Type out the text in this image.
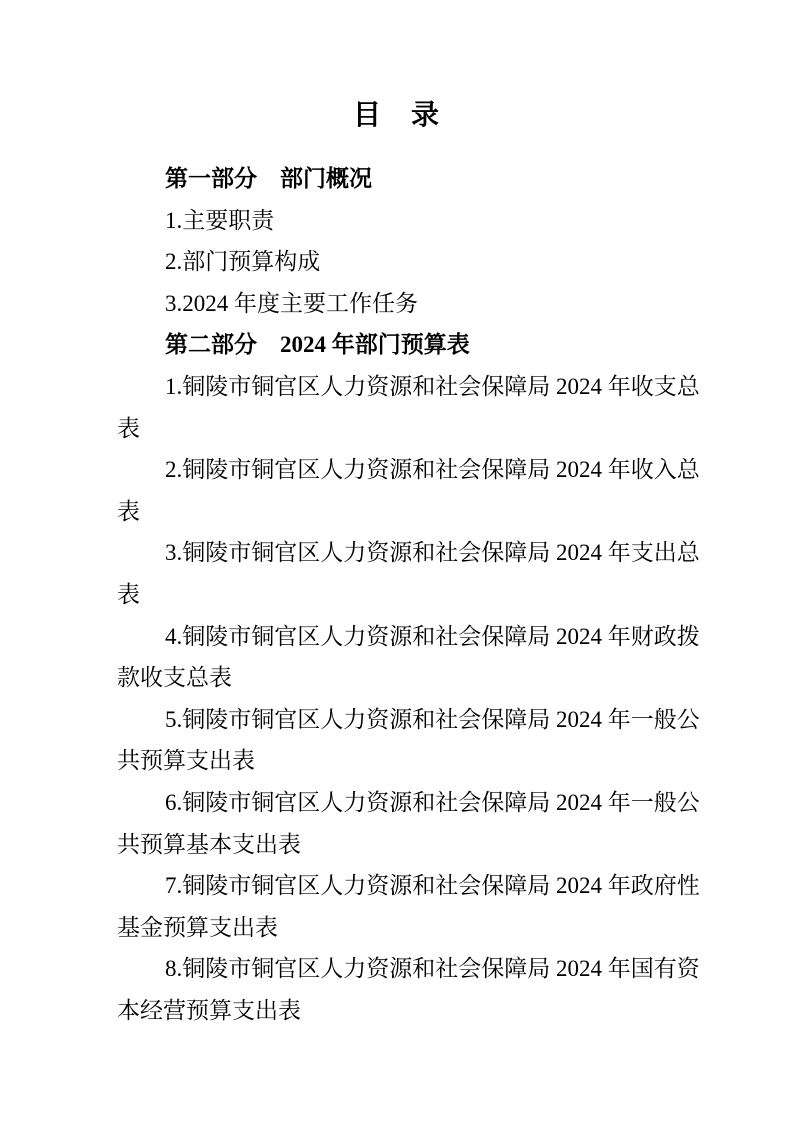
目　录
第一部分　部门概况
1.主要职责
2.部门预算构成
3.2024 年度主要工作任务
第二部分　2024 年部门预算表
1.铜陵市铜官区人力资源和社会保障局 2024 年收支总
表
2.铜陵市铜官区人力资源和社会保障局 2024 年收入总
表
3.铜陵市铜官区人力资源和社会保障局 2024 年支出总
表
4.铜陵市铜官区人力资源和社会保障局 2024 年财政拨
款收支总表
5.铜陵市铜官区人力资源和社会保障局 2024 年一般公
共预算支出表
6.铜陵市铜官区人力资源和社会保障局 2024 年一般公
共预算基本支出表
7.铜陵市铜官区人力资源和社会保障局 2024 年政府性
基金预算支出表
8.铜陵市铜官区人力资源和社会保障局 2024 年国有资
本经营预算支出表
